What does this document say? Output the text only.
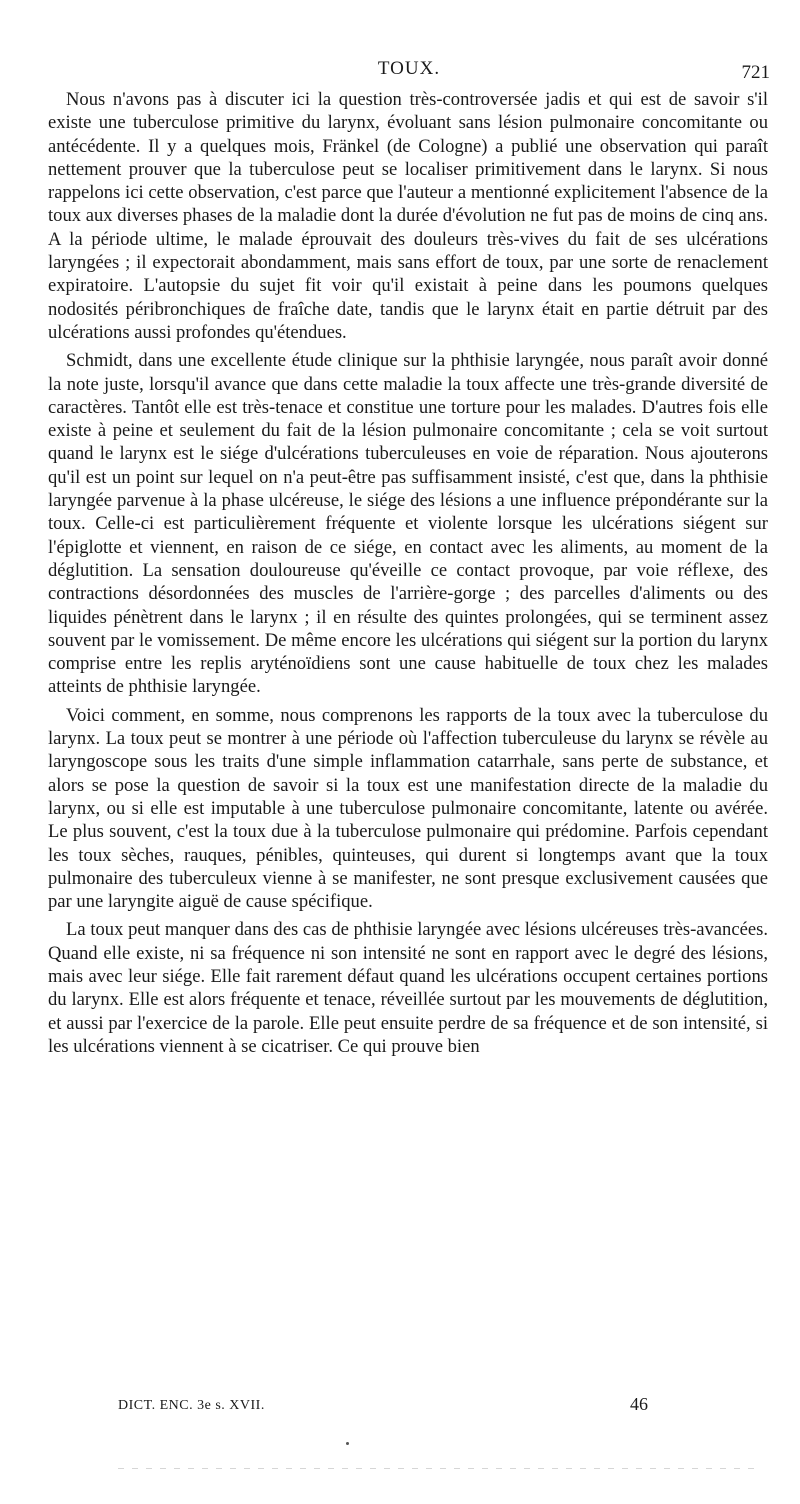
TOUX.	721

Nous n'avons pas à discuter ici la question très-controversée jadis et qui est de savoir s'il existe une tuberculose primitive du larynx, évoluant sans lésion pulmonaire concomitante ou antécédente. Il y a quelques mois, Fränkel (de Cologne) a publié une observation qui paraît nettement prouver que la tuberculose peut se localiser primitivement dans le larynx. Si nous rappelons ici cette observation, c'est parce que l'auteur a mentionné explicitement l'absence de la toux aux diverses phases de la maladie dont la durée d'évolution ne fut pas de moins de cinq ans. A la période ultime, le malade éprouvait des douleurs très-vives du fait de ses ulcérations laryngées ; il expectorait abondamment, mais sans effort de toux, par une sorte de renaclement expiratoire. L'autopsie du sujet fit voir qu'il existait à peine dans les poumons quelques nodosités péribronchiques de fraîche date, tandis que le larynx était en partie détruit par des ulcérations aussi profondes qu'étendues.

Schmidt, dans une excellente étude clinique sur la phthisie laryngée, nous paraît avoir donné la note juste, lorsqu'il avance que dans cette maladie la toux affecte une très-grande diversité de caractères. Tantôt elle est très-tenace et constitue une torture pour les malades. D'autres fois elle existe à peine et seulement du fait de la lésion pulmonaire concomitante ; cela se voit surtout quand le larynx est le siége d'ulcérations tuberculeuses en voie de réparation. Nous ajouterons qu'il est un point sur lequel on n'a peut-être pas suffisamment insisté, c'est que, dans la phthisie laryngée parvenue à la phase ulcéreuse, le siége des lésions a une influence prépondérante sur la toux. Celle-ci est particulièrement fréquente et violente lorsque les ulcérations siégent sur l'épiglotte et viennent, en raison de ce siége, en contact avec les aliments, au moment de la déglutition. La sensation douloureuse qu'éveille ce contact provoque, par voie réflexe, des contractions désordonnées des muscles de l'arrière-gorge ; des parcelles d'aliments ou des liquides pénètrent dans le larynx ; il en résulte des quintes prolongées, qui se terminent assez souvent par le vomissement. De même encore les ulcérations qui siégent sur la portion du larynx comprise entre les replis aryténoïdiens sont une cause habituelle de toux chez les malades atteints de phthisie laryngée.

Voici comment, en somme, nous comprenons les rapports de la toux avec la tuberculose du larynx. La toux peut se montrer à une période où l'affection tuberculeuse du larynx se révèle au laryngoscope sous les traits d'une simple inflammation catarrhale, sans perte de substance, et alors se pose la question de savoir si la toux est une manifestation directe de la maladie du larynx, ou si elle est imputable à une tuberculose pulmonaire concomitante, latente ou avérée. Le plus souvent, c'est la toux due à la tuberculose pulmonaire qui prédomine. Parfois cependant les toux sèches, rauques, pénibles, quinteuses, qui durent si longtemps avant que la toux pulmonaire des tuberculeux vienne à se manifester, ne sont presque exclusivement causées que par une laryngite aiguë de cause spécifique.

La toux peut manquer dans des cas de phthisie laryngée avec lésions ulcéreuses très-avancées. Quand elle existe, ni sa fréquence ni son intensité ne sont en rapport avec le degré des lésions, mais avec leur siége. Elle fait rarement défaut quand les ulcérations occupent certaines portions du larynx. Elle est alors fréquente et tenace, réveillée surtout par les mouvements de déglutition, et aussi par l'exercice de la parole. Elle peut ensuite perdre de sa fréquence et de son intensité, si les ulcérations viennent à se cicatriser. Ce qui prouve bien

DICT. ENC. 3e s. XVII.	46
